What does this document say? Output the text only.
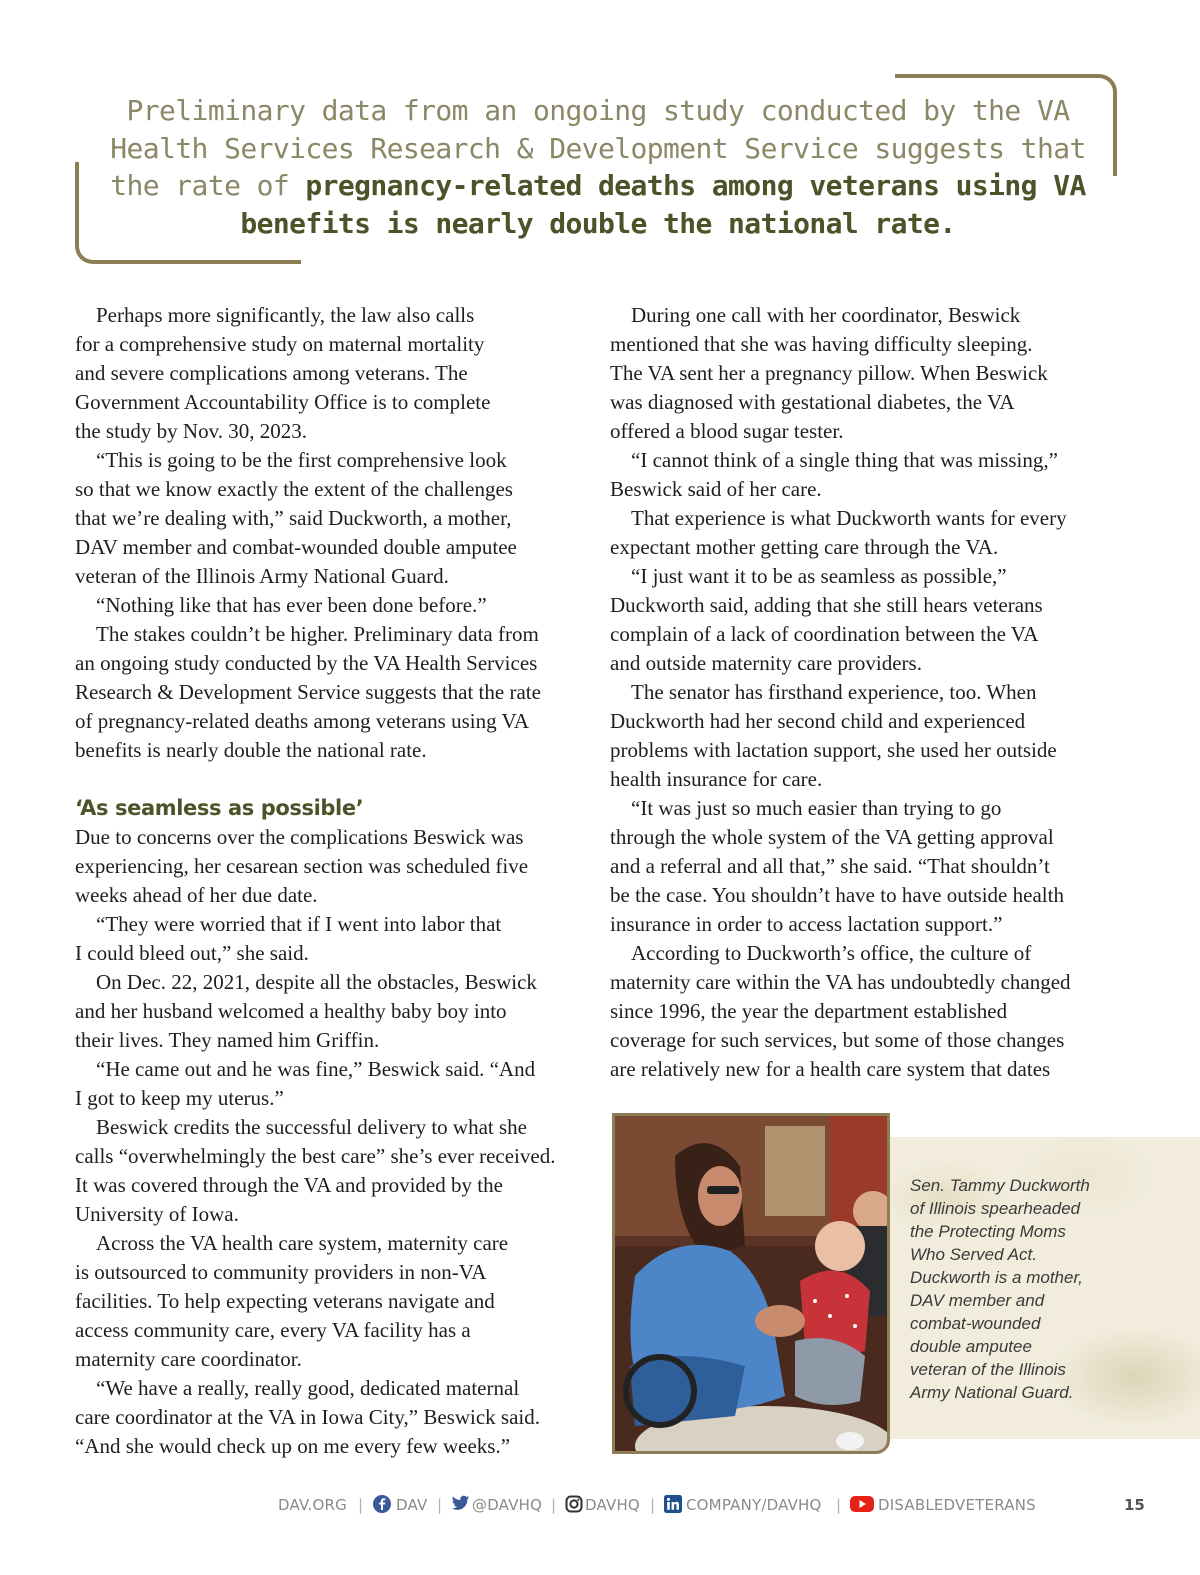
Preliminary data from an ongoing study conducted by the VA Health Services Research & Development Service suggests that the rate of pregnancy-related deaths among veterans using VA benefits is nearly double the national rate.

Perhaps more significantly, the law also calls

for a comprehensive study on maternal mortality

and severe complications among veterans. The

Government Accountability Office is to complete

the study by Nov. 30, 2023.

“This is going to be the first comprehensive look

so that we know exactly the extent of the challenges

that we’re dealing with,” said Duckworth, a mother,

DAV member and combat-wounded double amputee

veteran of the Illinois Army National Guard.

“Nothing like that has ever been done before.”

The stakes couldn’t be higher. Preliminary data from

an ongoing study conducted by the VA Health Services

Research & Development Service suggests that the rate

of pregnancy-related deaths among veterans using VA

benefits is nearly double the national rate.

‘As seamless as possible’

Due to concerns over the complications Beswick was

experiencing, her cesarean section was scheduled five

weeks ahead of her due date.

“They were worried that if I went into labor that

I could bleed out,” she said.

On Dec. 22, 2021, despite all the obstacles, Beswick

and her husband welcomed a healthy baby boy into

their lives. They named him Griffin.

“He came out and he was fine,” Beswick said. “And

I got to keep my uterus.”

Beswick credits the successful delivery to what she

calls “overwhelmingly the best care” she’s ever received.

It was covered through the VA and provided by the

University of Iowa.

Across the VA health care system, maternity care

is outsourced to community providers in non-VA

facilities. To help expecting veterans navigate and

access community care, every VA facility has a

maternity care coordinator.

“We have a really, really good, dedicated maternal

care coordinator at the VA in Iowa City,” Beswick said.

“And she would check up on me every few weeks.”

During one call with her coordinator, Beswick

mentioned that she was having difficulty sleeping.

The VA sent her a pregnancy pillow. When Beswick

was diagnosed with gestational diabetes, the VA

offered a blood sugar tester.

“I cannot think of a single thing that was missing,”

Beswick said of her care.

That experience is what Duckworth wants for every

expectant mother getting care through the VA.

“I just want it to be as seamless as possible,”

Duckworth said, adding that she still hears veterans

complain of a lack of coordination between the VA

and outside maternity care providers.

The senator has firsthand experience, too. When

Duckworth had her second child and experienced

problems with lactation support, she used her outside

health insurance for care.

“It was just so much easier than trying to go

through the whole system of the VA getting approval

and a referral and all that,” she said. “That shouldn’t

be the case. You shouldn’t have to have outside health

insurance in order to access lactation support.”

According to Duckworth’s office, the culture of

maternity care within the VA has undoubtedly changed

since 1996, the year the department established

coverage for such services, but some of those changes

are relatively new for a health care system that dates

Sen. Tammy Duckworth
of Illinois spearheaded
the Protecting Moms
Who Served Act.
Duckworth is a mother,
DAV member and
combat-wounded
double amputee
veteran of the Illinois
Army National Guard.
DAV.ORG | DAV | @DAVHQ | DAVHQ | COMPANY/DAVHQ | DISABLEDVETERANS	15
